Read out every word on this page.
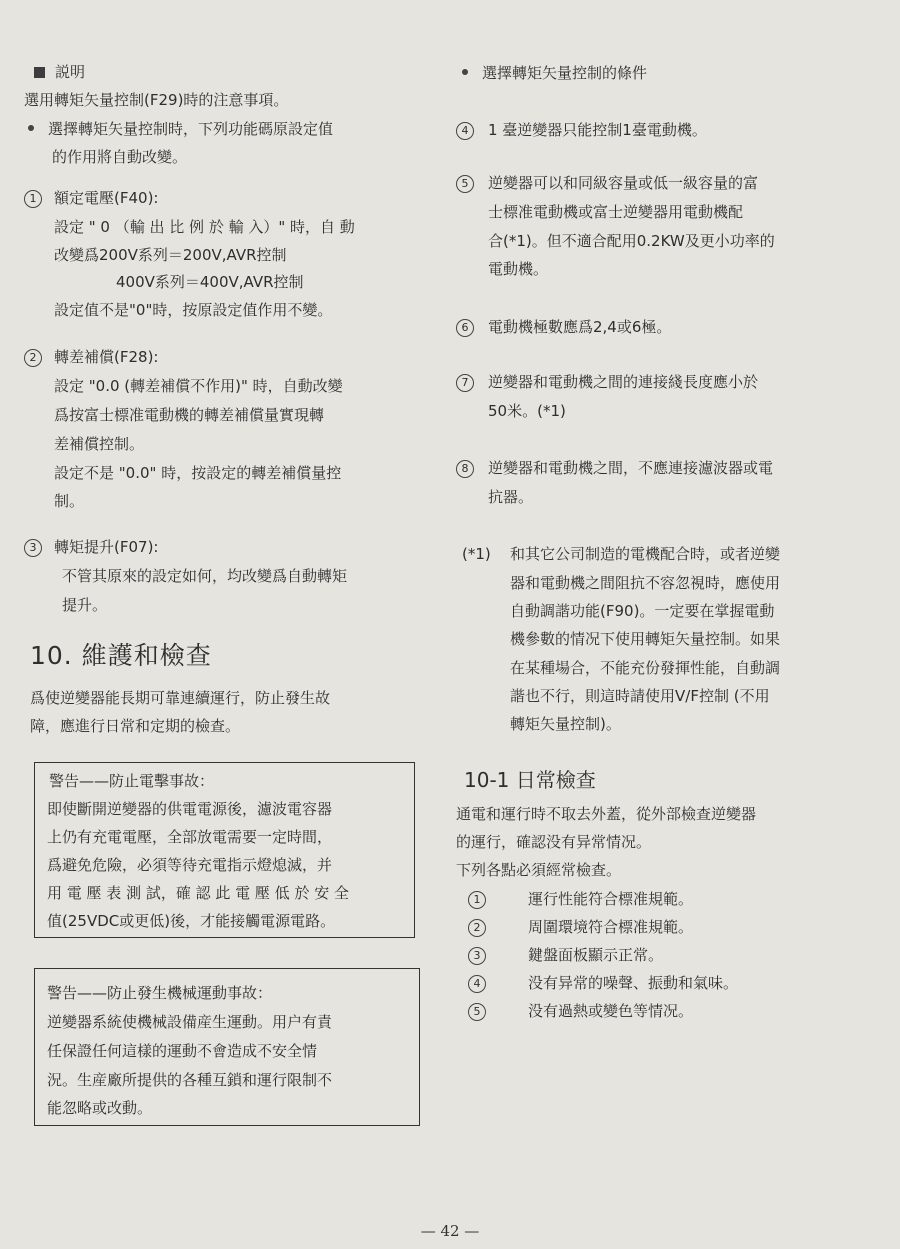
説明
選用轉矩矢量控制(F29)時的注意事項。
選擇轉矩矢量控制時，下列功能碼原設定值
的作用將自動改變。
1 額定電壓(F40):
設定 " 0 （輸 出 比 例 於 輸 入）" 時，自 動
改變爲200V系列＝200V,AVR控制
400V系列＝400V,AVR控制
設定值不是"0"時，按原設定值作用不變。
2 轉差補償(F28):
設定 "0.0 (轉差補償不作用)" 時，自動改變
爲按富士標准電動機的轉差補償量實現轉
差補償控制。
設定不是 "0.0" 時，按設定的轉差補償量控
制。
3 轉矩提升(F07):
不管其原來的設定如何，均改變爲自動轉矩
提升。
10. 維護和檢查
爲使逆變器能長期可靠連續運行，防止發生故
障，應進行日常和定期的檢查。
警告——防止電擊事故：
即使斷開逆變器的供電電源後，濾波電容器
上仍有充電電壓，全部放電需要一定時間，
爲避免危險，必須等待充電指示燈熄滅，并
用 電 壓 表 測 試，確 認 此 電 壓 低 於 安 全
值(25VDC或更低)後，才能接觸電源電路。
警告——防止發生機械運動事故：
逆變器系統使機械設備産生運動。用户有責
任保證任何這樣的運動不會造成不安全情
況。生産廠所提供的各種互鎖和運行限制不
能忽略或改動。
選擇轉矩矢量控制的條件
4	1 臺逆變器只能控制1臺電動機。
5	逆變器可以和同級容量或低一級容量的富
士標准電動機或富士逆變器用電動機配
合(*1)。但不適合配用0.2KW及更小功率的
電動機。
6	電動機極數應爲2,4或6極。
7	逆變器和電動機之間的連接綫長度應小於
50米。(*1)
8	逆變器和電動機之間，不應連接濾波器或電
抗器。
(*1) 和其它公司制造的電機配合時，或者逆變
器和電動機之間阻抗不容忽視時，應使用
自動調諧功能(F90)。一定要在掌握電動
機參數的情况下使用轉矩矢量控制。如果
在某種場合，不能充份發揮性能，自動調
諧也不行，則這時請使用V/F控制 (不用
轉矩矢量控制)。
10-1 日常檢查
通電和運行時不取去外蓋，從外部檢查逆變器
的運行，確認没有异常情况。
下列各點必須經常檢查。
1	運行性能符合標准規範。
2	周圍環境符合標准規範。
3	鍵盤面板顯示正常。
4	没有异常的噪聲、振動和氣味。
5	没有過熱或變色等情况。
— 42 —
